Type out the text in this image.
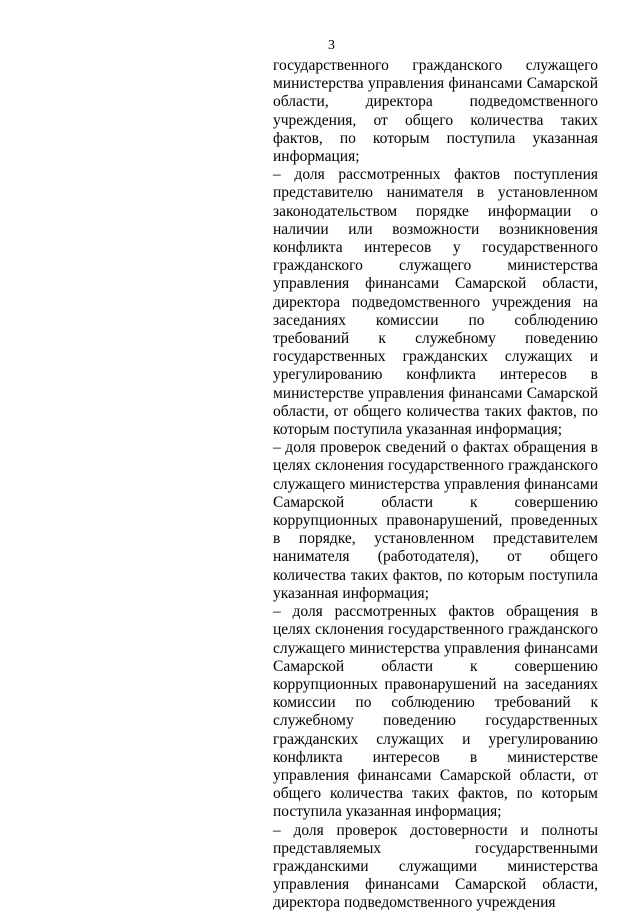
3

государственного гражданского служащего министерства управления финансами Самарской области, директора подведомственного учреждения, от общего количества таких фактов, по которым поступила указанная информация;

– доля рассмотренных фактов поступления представителю нанимателя в установленном законодательством порядке информации о наличии или возможности возникновения конфликта интересов у государственного гражданского служащего министерства управления финансами Самарской области, директора подведомственного учреждения на заседаниях комиссии по соблюдению требований к служебному поведению государственных гражданских служащих и урегулированию конфликта интересов в министерстве управления финансами Самарской области, от общего количества таких фактов, по которым поступила указанная информация;

– доля проверок сведений о фактах обращения в целях склонения государственного гражданского служащего министерства управления финансами Самарской области к совершению коррупционных правонарушений, проведенных в порядке, установленном представителем нанимателя (работодателя), от общего количества таких фактов, по которым поступила указанная информация;

– доля рассмотренных фактов обращения в целях склонения государственного гражданского служащего министерства управления финансами Самарской области к совершению коррупционных правонарушений на заседаниях комиссии по соблюдению требований к служебному поведению государственных гражданских служащих и урегулированию конфликта интересов в министерстве управления финансами Самарской области, от общего количества таких фактов, по которым поступила указанная информация;

– доля проверок достоверности и полноты представляемых государственными гражданскими служащими министерства управления финансами Самарской области, директора подведомственного учреждения
